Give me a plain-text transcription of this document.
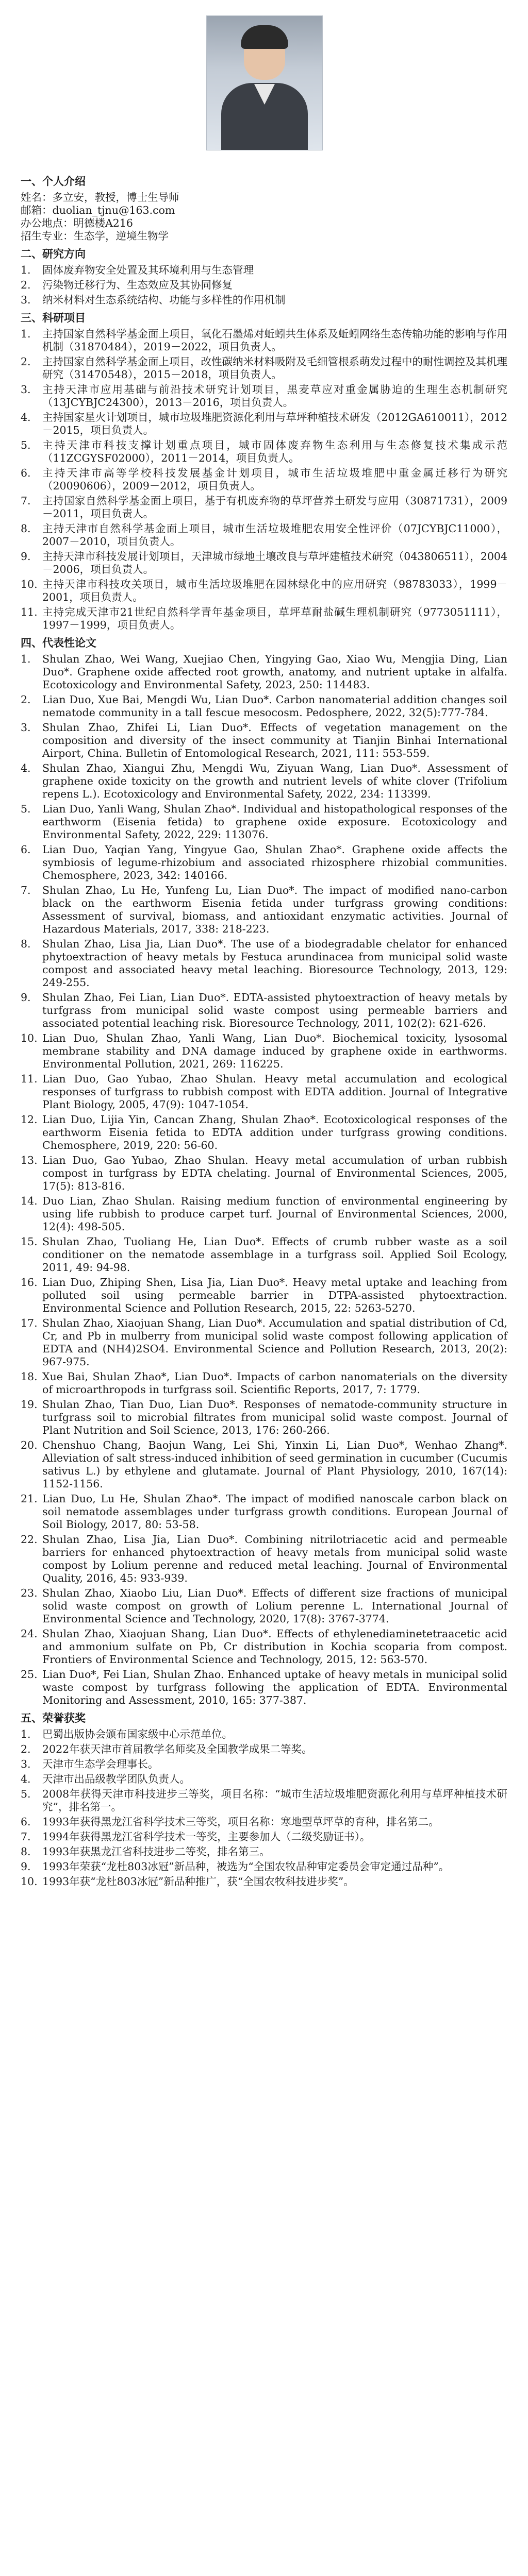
一、个人介绍
姓名：多立安，教授，博士生导师
邮箱：duolian_tjnu@163.com
办公地点：明德楼A216
招生专业：生态学，逆境生物学
二、研究方向
1.	固体废弃物安全处置及其环境利用与生态管理
2.	污染物迁移行为、生态效应及其协同修复
3.	纳米材料对生态系统结构、功能与多样性的作用机制
三、科研项目
1.	主持国家自然科学基金面上项目，氧化石墨烯对蚯蚓共生体系及蚯蚓网络生态传输功能的影响与作用机制（31870484），2019－2022，项目负责人。
2.	主持国家自然科学基金面上项目，改性碳纳米材料吸附及毛细管根系萌发过程中的耐性调控及其机理研究（31470548），2015－2018，项目负责人。
3.	主持天津市应用基础与前沿技术研究计划项目，黑麦草应对重金属胁迫的生理生态机制研究（13JCYBJC24300），2013－2016，项目负责人。
4.	主持国家星火计划项目，城市垃圾堆肥资源化利用与草坪种植技术研发（2012GA610011），2012－2015，项目负责人。
5.	主持天津市科技支撑计划重点项目，城市固体废弃物生态利用与生态修复技术集成示范（11ZCGYSF02000），2011－2014，项目负责人。
6.	主持天津市高等学校科技发展基金计划项目，城市生活垃圾堆肥中重金属迁移行为研究（20090606），2009－2012，项目负责人。
7.	主持国家自然科学基金面上项目，基于有机废弃物的草坪营养土研发与应用（30871731），2009－2011，项目负责人。
8.	主持天津市自然科学基金面上项目，城市生活垃圾堆肥农用安全性评价（07JCYBJC11000），2007－2010，项目负责人。
9.	主持天津市科技发展计划项目，天津城市绿地土壤改良与草坪建植技术研究（043806511），2004－2006，项目负责人。
10. 主持天津市科技攻关项目，城市生活垃圾堆肥在园林绿化中的应用研究（98783033），1999－2001，项目负责人。
11. 主持完成天津市21世纪自然科学青年基金项目，草坪草耐盐碱生理机制研究（9773051111），1997－1999，项目负责人。
四、代表性论文
1.	Shulan Zhao, Wei Wang, Xuejiao Chen, Yingying Gao, Xiao Wu, Mengjia Ding, Lian Duo*. Graphene oxide affected root growth, anatomy, and nutrient uptake in alfalfa. Ecotoxicology and Environmental Safety, 2023, 250: 114483.
2.	Lian Duo, Xue Bai, Mengdi Wu, Lian Duo*. Carbon nanomaterial addition changes soil nematode community in a tall fescue mesocosm. Pedosphere, 2022, 32(5):777-784.
3.	Shulan Zhao, Zhifei Li, Lian Duo*. Effects of vegetation management on the composition and diversity of the insect community at Tianjin Binhai International Airport, China. Bulletin of Entomological Research, 2021, 111: 553-559.
4.	Shulan Zhao, Xiangui Zhu, Mengdi Wu, Ziyuan Wang, Lian Duo*. Assessment of graphene oxide toxicity on the growth and nutrient levels of white clover (Trifolium repens L.). Ecotoxicology and Environmental Safety, 2022, 234: 113399.
5.	Lian Duo, Yanli Wang, Shulan Zhao*. Individual and histopathological responses of the earthworm (Eisenia fetida) to graphene oxide exposure. Ecotoxicology and Environmental Safety, 2022, 229: 113076.
6.	Lian Duo, Yaqian Yang, Yingyue Gao, Shulan Zhao*. Graphene oxide affects the symbiosis of legume-rhizobium and associated rhizosphere rhizobial communities. Chemosphere, 2023, 342: 140166.
7.	Shulan Zhao, Lu He, Yunfeng Lu, Lian Duo*. The impact of modified nano-carbon black on the earthworm Eisenia fetida under turfgrass growing conditions: Assessment of survival, biomass, and antioxidant enzymatic activities. Journal of Hazardous Materials, 2017, 338: 218-223.
8.	Shulan Zhao, Lisa Jia, Lian Duo*. The use of a biodegradable chelator for enhanced phytoextraction of heavy metals by Festuca arundinacea from municipal solid waste compost and associated heavy metal leaching. Bioresource Technology, 2013, 129: 249-255.
9.	Shulan Zhao, Fei Lian, Lian Duo*. EDTA-assisted phytoextraction of heavy metals by turfgrass from municipal solid waste compost using permeable barriers and associated potential leaching risk. Bioresource Technology, 2011, 102(2): 621-626.
10. Lian Duo, Shulan Zhao, Yanli Wang, Lian Duo*. Biochemical toxicity, lysosomal membrane stability and DNA damage induced by graphene oxide in earthworms. Environmental Pollution, 2021, 269: 116225.
11. Lian Duo, Gao Yubao, Zhao Shulan. Heavy metal accumulation and ecological responses of turfgrass to rubbish compost with EDTA addition. Journal of Integrative Plant Biology, 2005, 47(9): 1047-1054.
12. Lian Duo, Lijia Yin, Cancan Zhang, Shulan Zhao*. Ecotoxicological responses of the earthworm Eisenia fetida to EDTA addition under turfgrass growing conditions. Chemosphere, 2019, 220: 56-60.
13. Lian Duo, Gao Yubao, Zhao Shulan. Heavy metal accumulation of urban rubbish compost in turfgrass by EDTA chelating. Journal of Environmental Sciences, 2005, 17(5): 813-816.
14. Duo Lian, Zhao Shulan. Raising medium function of environmental engineering by using life rubbish to produce carpet turf. Journal of Environmental Sciences, 2000, 12(4): 498-505.
15. Shulan Zhao, Tuoliang He, Lian Duo*. Effects of crumb rubber waste as a soil conditioner on the nematode assemblage in a turfgrass soil. Applied Soil Ecology, 2011, 49: 94-98.
16. Lian Duo, Zhiping Shen, Lisa Jia, Lian Duo*. Heavy metal uptake and leaching from polluted soil using permeable barrier in DTPA-assisted phytoextraction. Environmental Science and Pollution Research, 2015, 22: 5263-5270.
17. Shulan Zhao, Xiaojuan Shang, Lian Duo*. Accumulation and spatial distribution of Cd, Cr, and Pb in mulberry from municipal solid waste compost following application of EDTA and (NH4)2SO4. Environmental Science and Pollution Research, 2013, 20(2): 967-975.
18. Xue Bai, Shulan Zhao*, Lian Duo*. Impacts of carbon nanomaterials on the diversity of microarthropods in turfgrass soil. Scientific Reports, 2017, 7: 1779.
19. Shulan Zhao, Tian Duo, Lian Duo*. Responses of nematode-community structure in turfgrass soil to microbial filtrates from municipal solid waste compost. Journal of Plant Nutrition and Soil Science, 2013, 176: 260-266.
20. Chenshuo Chang, Baojun Wang, Lei Shi, Yinxin Li, Lian Duo*, Wenhao Zhang*. Alleviation of salt stress-induced inhibition of seed germination in cucumber (Cucumis sativus L.) by ethylene and glutamate. Journal of Plant Physiology, 2010, 167(14): 1152-1156.
21. Lian Duo, Lu He, Shulan Zhao*. The impact of modified nanoscale carbon black on soil nematode assemblages under turfgrass growth conditions. European Journal of Soil Biology, 2017, 80: 53-58.
22. Shulan Zhao, Lisa Jia, Lian Duo*. Combining nitrilotriacetic acid and permeable barriers for enhanced phytoextraction of heavy metals from municipal solid waste compost by Lolium perenne and reduced metal leaching. Journal of Environmental Quality, 2016, 45: 933-939.
23. Shulan Zhao, Xiaobo Liu, Lian Duo*. Effects of different size fractions of municipal solid waste compost on growth of Lolium perenne L. International Journal of Environmental Science and Technology, 2020, 17(8): 3767-3774.
24. Shulan Zhao, Xiaojuan Shang, Lian Duo*. Effects of ethylenediaminetetraacetic acid and ammonium sulfate on Pb, Cr distribution in Kochia scoparia from compost. Frontiers of Environmental Science and Technology, 2015, 12: 563-570.
25. Lian Duo*, Fei Lian, Shulan Zhao. Enhanced uptake of heavy metals in municipal solid waste compost by turfgrass following the application of EDTA. Environmental Monitoring and Assessment, 2010, 165: 377-387.
五、荣誉获奖
1.	巴蜀出版协会颁布国家级中心示范单位。
2.	2022年获天津市首届教学名师奖及全国教学成果二等奖。
3.	天津市生态学会理事长。
4.	天津市出品级教学团队负责人。
5.	2008年获得天津市科技进步三等奖，项目名称：“城市生活垃圾堆肥资源化利用与草坪种植技术研究”，排名第一。
6.	1993年获得黑龙江省科学技术三等奖，项目名称：寒地型草坪草的育种，排名第二。
7.	1994年获得黑龙江省科学技术一等奖，主要参加人（二级奖励证书）。
8.	1993年获黑龙江省科技进步二等奖，排名第三。
9.	1993年荣获“龙杜803冰冠”新品种，被选为“全国农牧品种审定委员会审定通过品种”。
10. 1993年获“龙杜803冰冠”新品种推广，获“全国农牧科技进步奖”。
